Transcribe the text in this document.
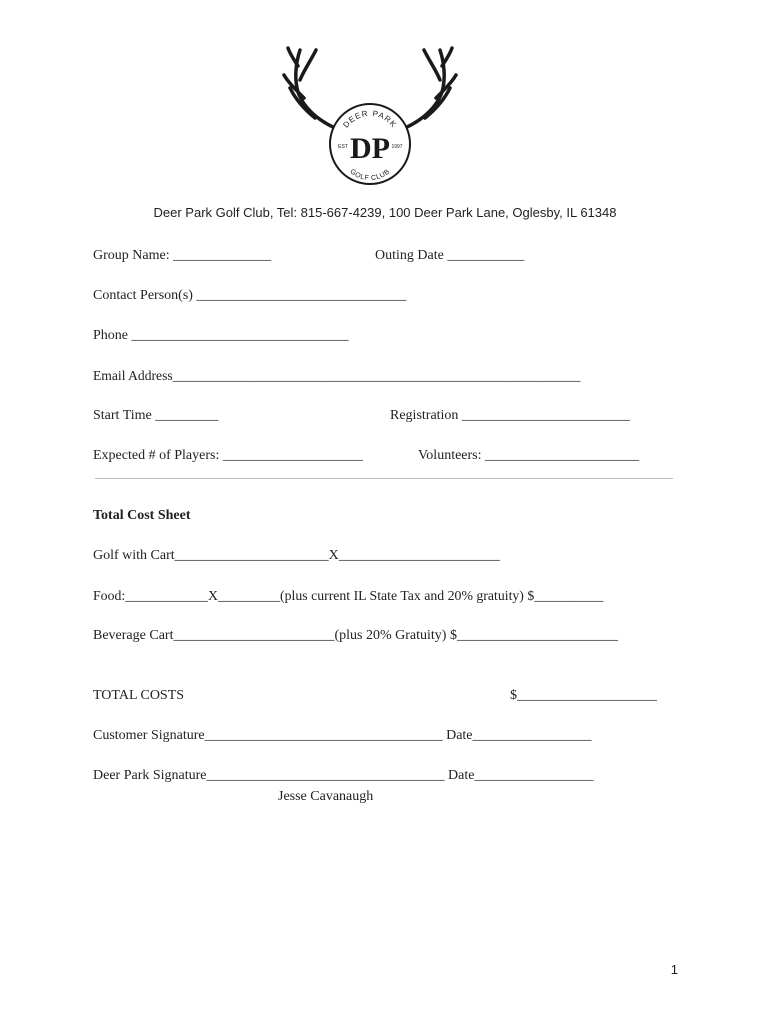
DEER PARK
DP
EST	1997
GOLF CLUB
Deer Park Golf Club, Tel: 815-667-4239, 100 Deer Park Lane, Oglesby, IL 61348
Group Name: ______________	Outing Date ___________
Contact Person(s) ______________________________
Phone _______________________________
Email Address____________________________________________________________
Start Time _________	Registration ________________________
Expected # of Players: ____________________	Volunteers: ______________________
Total Cost Sheet
Golf with Cart______________________X_______________________
Food:____________X_________(plus current IL State Tax and 20% gratuity) $__________
Beverage Cart_______________________(plus 20% Gratuity) $_______________________
TOTAL COSTS	$____________________
Customer Signature__________________________________ Date_________________
Deer Park Signature__________________________________ Date_________________
Jesse Cavanaugh
1
